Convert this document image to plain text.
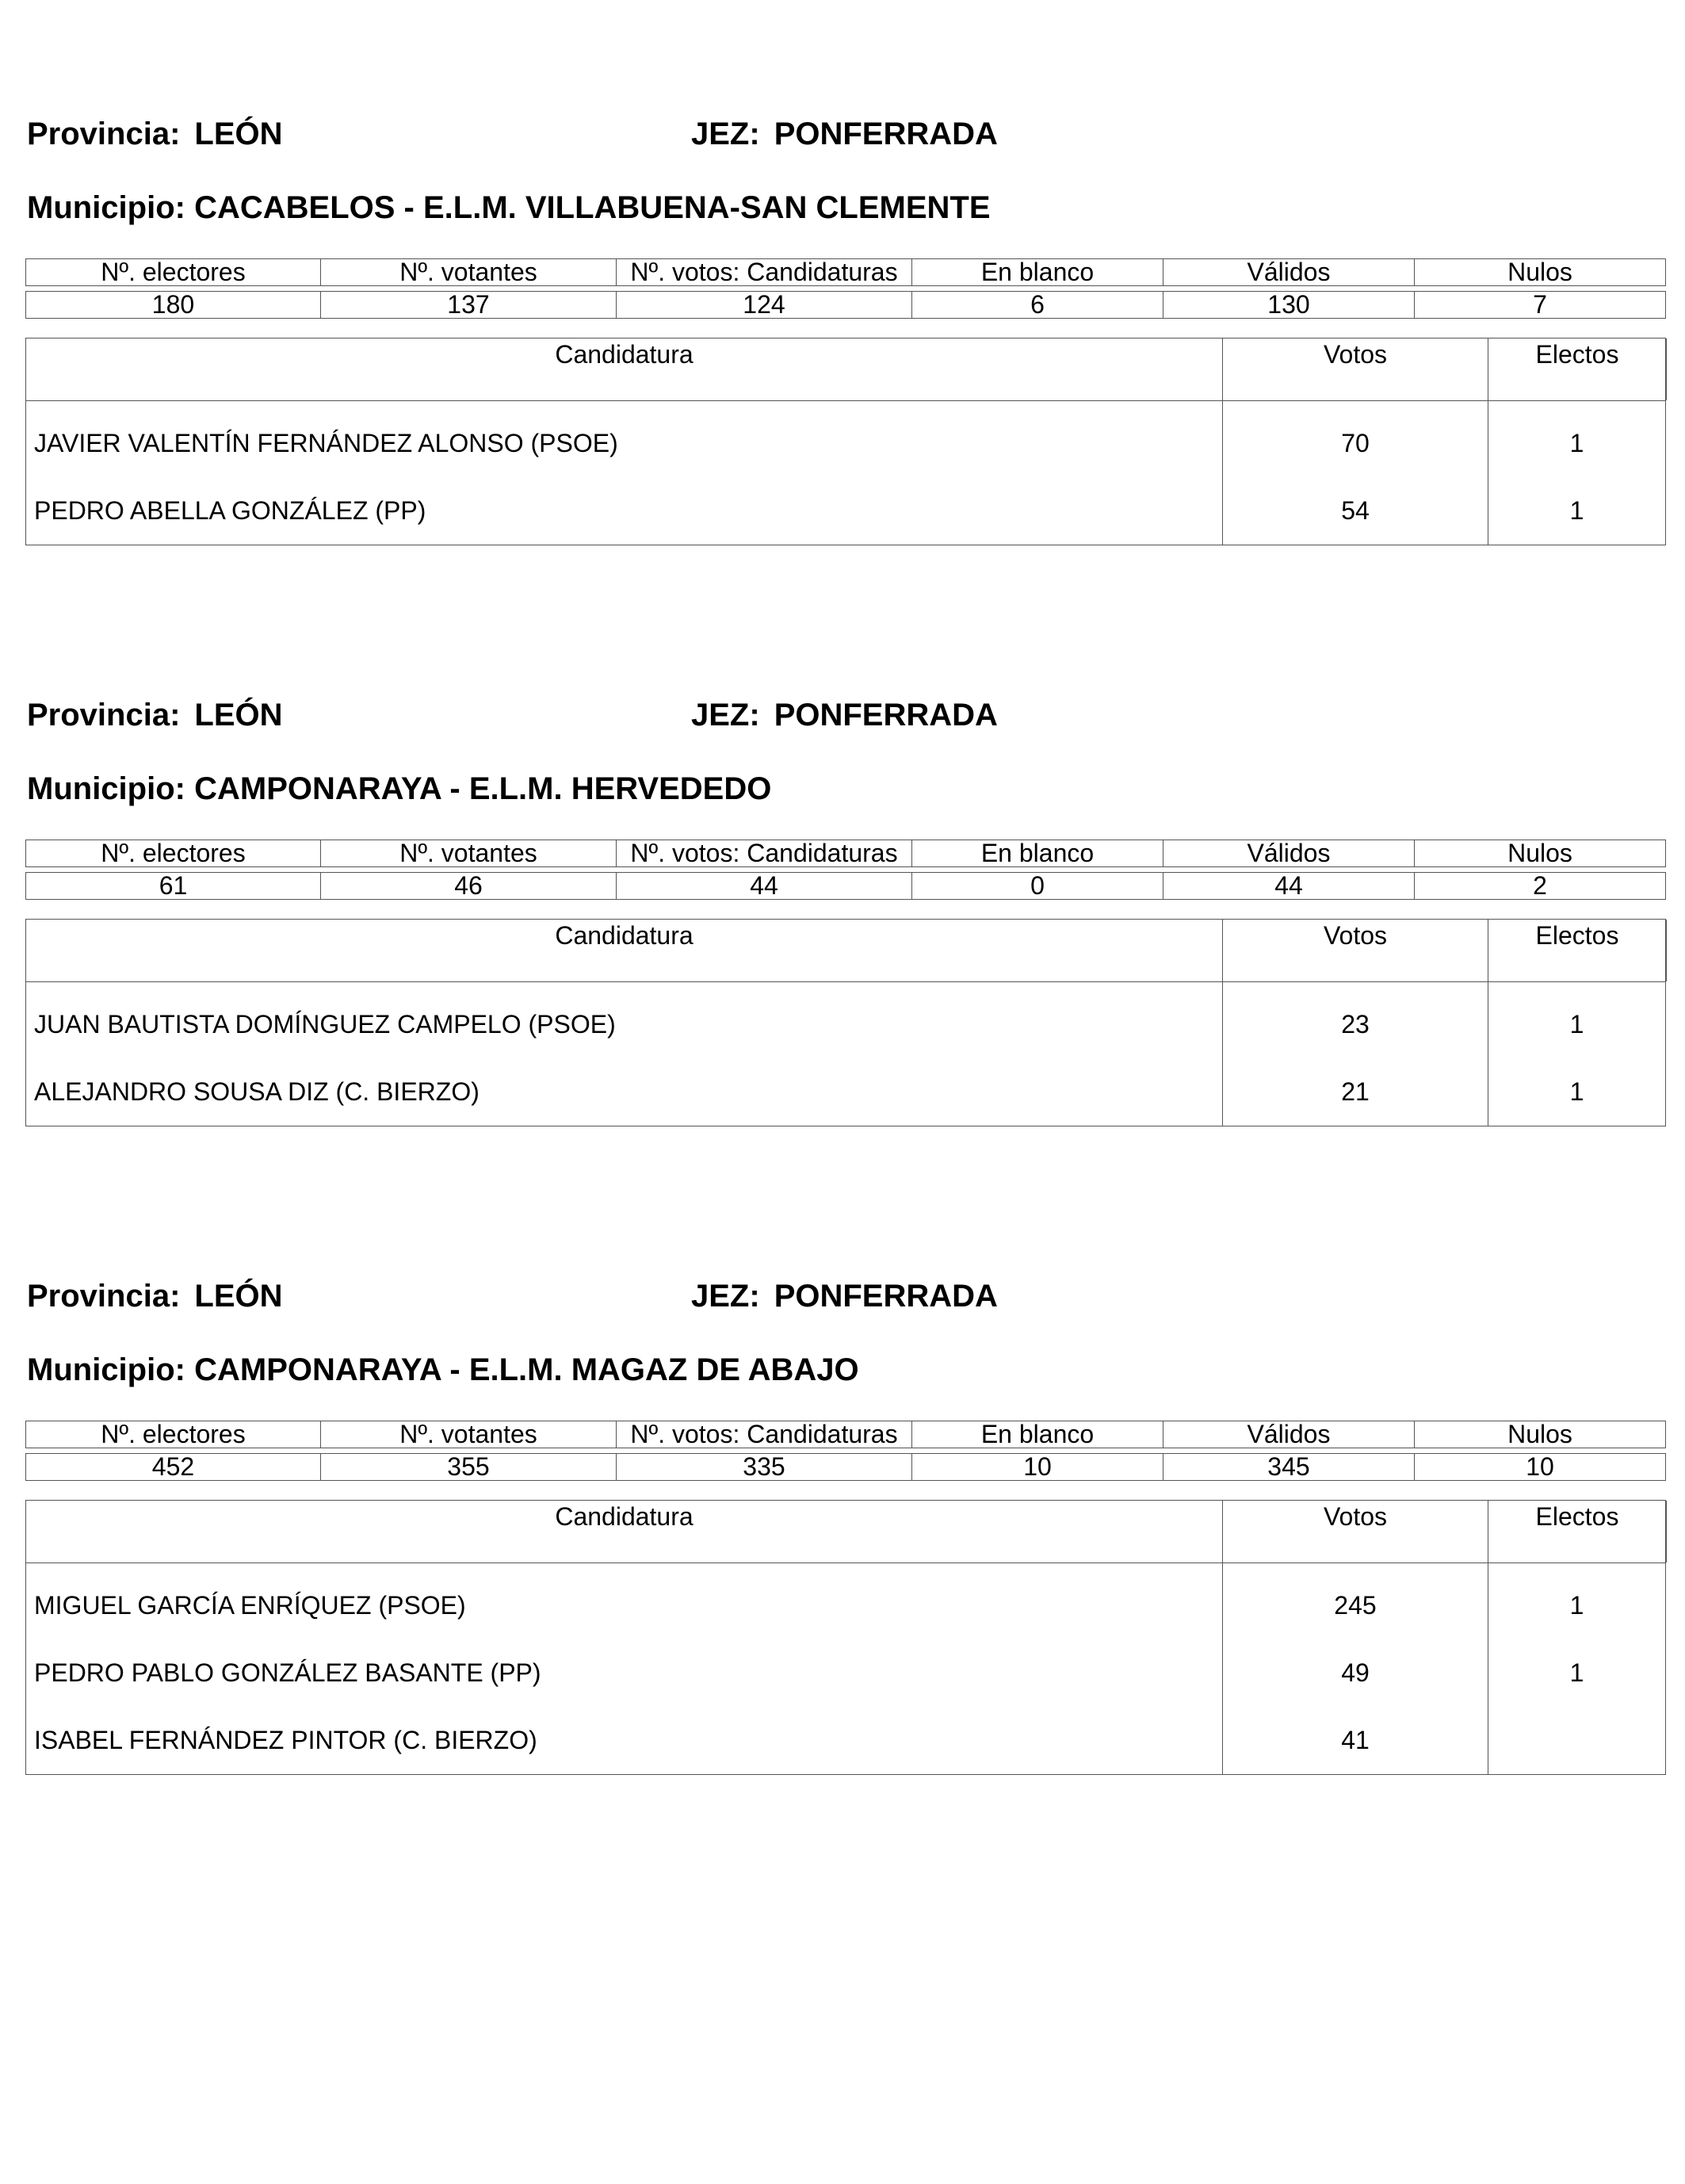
Provincia: LEÓN	JEZ: PONFERRADA
Municipio: CACABELOS - E.L.M. VILLABUENA-SAN CLEMENTE
Nº. electores	Nº. votantes	Nº. votos: Candidaturas	En blanco	Válidos	Nulos
180	137	124	6	130	7
Candidatura	Votos	Electos
JAVIER VALENTÍN FERNÁNDEZ ALONSO (PSOE)	70	1
PEDRO ABELLA GONZÁLEZ (PP)	54	1
Provincia: LEÓN	JEZ: PONFERRADA
Municipio: CAMPONARAYA - E.L.M. HERVEDEDO
Nº. electores	Nº. votantes	Nº. votos: Candidaturas	En blanco	Válidos	Nulos
61	46	44	0	44	2
Candidatura	Votos	Electos
JUAN BAUTISTA DOMÍNGUEZ CAMPELO (PSOE)	23	1
ALEJANDRO SOUSA DIZ (C. BIERZO)	21	1
Provincia: LEÓN	JEZ: PONFERRADA
Municipio: CAMPONARAYA - E.L.M. MAGAZ DE ABAJO
Nº. electores	Nº. votantes	Nº. votos: Candidaturas	En blanco	Válidos	Nulos
452	355	335	10	345	10
Candidatura	Votos	Electos
MIGUEL GARCÍA ENRÍQUEZ (PSOE)	245	1
PEDRO PABLO GONZÁLEZ BASANTE (PP)	49	1
ISABEL FERNÁNDEZ PINTOR (C. BIERZO)	41
